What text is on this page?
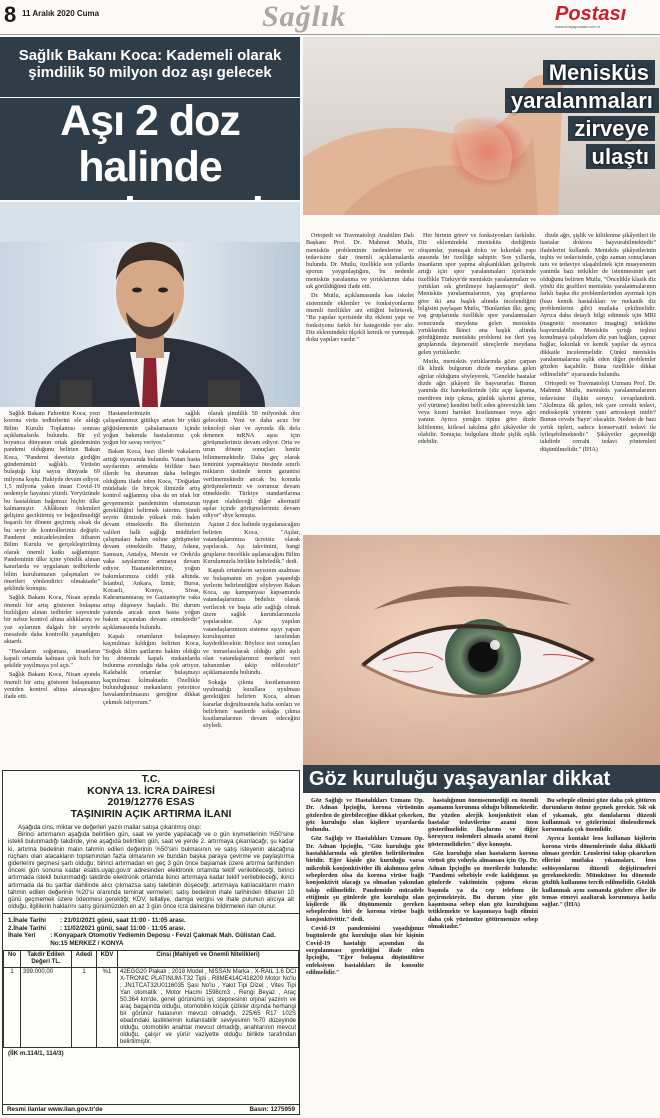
8 11 Aralık 2020 Cuma	Sağlık	Postası
www.konyapostasi.com.tr
Sağlık Bakanı Koca: Kademeli olarak şimdilik 50 milyon doz aşı gelecek
Aşı 2 doz halinde

Sağlık Bakanı Fahrettin Koca, yeni korona virüs tedbirlerini ele aldığı Bilim Kurulu Toplantısı sonrası açıklamalarda bulundu. Bir yıl boyunca dünyanın ortak gündeminin pandemi olduğunu belirten Bakan Koca, "Pandemi davetsiz girdiğin gündemimizi sağlıklı. Virüsün bulaştığı kişi sayısı dünyada 69 milyona koştu. Hakiyde devam ediyor. 1,5 milyona yakın insan Covid-19 nedeniyle hayatını yitirdi. Yeryüzünde bu hastalıktan bağımsız hiçbir ülke kalmamıştır. Ahlâkının önlemleri gelişimi geciktirmiş ve beğenilmediği başarılı bir dönem geçirmiş olsak da bu seyir de kontrollerimiz değiştir. Pandemi mücadelesinden itibaren Bilim Kurulu ve gerçekleştirilmiş olarak önemli katkı sağlamıştır. Pandeminin ülke içine yönelik alınan kararlarda ve uygulanan tedbirlerde bilim kurulumuzun çalışmaları ve önerileri yönlendirici olmaktadır" şeklinde konuştu.

Sağlık Bakanı Koca, Nisan ayında önemli bir artış gösteren bulaşma hızlılığını alınan tedbirler sayesinde bir nebze kontrol altına aldıklarını ve yaz aylarının dalgalı bir seyirde mesafede daha kontrollü yaşandığını aktardı.

"Havaların soğuması, insanların kapalı ortamda kalması çok hızlı bir şekilde yayılmaya yol açtı."

Sağlık Bakanı Koca, Nisan ayında önemli bir artış gösteren bulaşmanın yeniden kontrol altına alınacağını ifade etti.

Hastanelerimizin sağlık çalışanlarımız gittikçe artan bir yükü göğüslemenin çabalamasını içinde yoğun bakımda hastalarımız çok yoğun bir savaş veriyor."

Bakan Koca, bazı illerde vakaların arttığı uyarısında bulundu. Yatan hasta sayılarının artmakta birlikte bazı illerde bu durumun daha belirgin olduğunu ifade eden Koca, "Doğudan müdahale ile birçok ilimizde artış kontrol sağlanmış olsa da en ufak bir gevşememiz pandeminin olumsuzun gerekliliğini belirmek isterim. Şimdi seyrin ilimizde yüksek risk halen devam etmektedir. Bu illerimizin valileri halk sağlığı müdürleri çalışmaları halen online görüşmeler devam etmektedir. Hatay, Adana, Samsun, Antalya, Mersin ve Ordu'da vaka sayılarımız artmaya devam ediyor. Hastanelerimize, yoğun bakımlarımıza ciddi yük altında. İstanbul, Ankara, İzmir, Bursa, Kocaeli, Konya, Sivas, Kahramanmaraş ve Gaziantep'te vaka artışı düşmeye başladı. Bu durum yanında ancak uzun hasta yoğun bakım açısından devam etmektedir" açıklamasında bulundu.

Kapalı ortamların bulaşmayı kaçınılmaz kıldığını belirten Koca, "Soğuk iklim şartlarını hakim olduğu bu dönemde kapalı mekanlarda bulunma zorunluğu daha çok artıyor. Kalabalık ortamlar bulaşmayı kaçınılmaz kılmaktadır. Özellikle bulunduğunuz mekanların yeterince havalandırılmasını gereğine dikkat çekmek istiyorum."

olarak şimdilik 50 milyonluk doz gelecektir. Yeni ve daha acuz bir teknoloji olan ve ayrında ilk defa denenen mRNA aşısı için görüşmelerimiz devam ediyor. Orta ve uzun dönem sonuçları henüz bilinmemektedir. Daha geç olarak teminini yapmaktayız ötesinde sınırlı miktarın üstünde temin garantisi verilmemektedir ancak bu konuda görüşmelerimiz ve sorumuz devam etmektedir. Türkiye standartlarına uygun olabileceği diğer alternatif aşılar içinde görüşmelerimiz devam ediyor" diye konuştu.

Aşının 2 doz halinde uygulanacağını belirten Koca, "Aşılar, vatandaşlarımıza ücretsiz olarak yapılacak. Aşı takvimini, hangi grupların öncelikle aşılanacağını Bilim Kurulumuzla birlikte belirledik." dedi.

Kapalı ortamların sayısının azalması ve bulaşmanın en yoğun yaşandığı yerlerin belirlendiğini söyleyen Bakan Koca, aşı kampanyası kapsamında vatandaşlarımıza bedelsiz olarak verilecek ve başta aile sağlığı olmak üzere sağlık kurumlarımızda yapılacaktır. Aşı yapılan vatandaşlarımızın sisteme aşıyı yapan kuruluşumuz tarafından kaydedilecektir. Böylece test sonuçları ve tomarlasılacak olduğu gibi aşılı olan vatandaşlarımız merkezi veri tabanından takip edilecektir" açıklamasında bulundu.

Sokağa çıkma kısıtlamasının uyulmadığı kurallara uyulması gerektiğini belirten Koca, alınan kararlar doğrultusunda hafta sonları ve belirlenen saatlerde sokağa çıkma kısıtlamalarının devam edeceğini söyledi.

Menisküs
yaralanmaları
zirveye
ulaştı

Ortopedi ve Travmatoloji Anabilim Dalı Başkanı Prof. Dr. Mahmut Mutlu, menisküs probleminin nedenlerine ve tedavisine dair önemli açıklamalarda bulundu. Dr. Mutlu, özellikle son yıllarda sporun yaygınlaştığını, bu nedenle menisküs yaralanma ve yırtıklarının daha sık görüldüğünü ifade etti.

Dr. Mutlu, açıklamasında kas iskelet sisteminde eklemler ve fonksiyonlarını önemli özellikler arz ettiğini belirterek, "Bu yapılar içerisinde diz eklemi yapı ve fonksiyonu farklı bir kategoride yer alır. Diz eklemindeki ölçekli kemik ve yumuşak doku yapıları vardır."

Her birinin görev ve fonksiyonları farklıdır. Diz eklemindeki menisküs dediğimiz oluşumlar, yumuşak doku ve kıkırdak yapı arasında bir özelliğe sahiptir. Son yıllarda, insanların spor yapma alışkanlıkları gelişerek artığı için spor yaralanmaları içerisinde özellikle Türkiye'de menisküs yaralanmaları ve yırtıkları sık görülmeye başlanmıştır" dedi. Menisküs yaralanmalarının, yaş gruplarına göre iki ana başlık altında incelendiğini bilgisini paylaşan Mutlu, "Bunlardan ilki; genç yaş gruplarında özellikle spor yaralanmaları sonucunda meydana gelen menisküs yırtıklarıdır. İkinci ana başlık altında gördüğümüz menisküs problemi ise ileri yaş gruplarında dejeneratif süreçlerde meydana gelen yırtıklardır.

Mutlu, menisküs yırtıklarında göze çarpan ilk klinik bulgunun dizde meydana gelen ağrılar olduğunu söyleyerek, "Genelde hastalar dizde ağrı şikâyeti ile başvururlar. Bunun yanında diz hareketlerinde (diz açıp kapama, merdiven inip çıkma, günlük işlerini görme, yol yürüme) kendini belli eden görevsizlik tam veya kısmi hareket kısıtlanması veya ağrı yaratır. Ayrıca yırtığın tipine göre dizde kilitlenme, kitlesel takılma gibi şikâyetler de olabilir. Sonuçta; bulgulara dizde şişlik eşlik edebilir.

dizde ağrı, şişlik ve kilitlenme şikâyetleri ile hastalar doktora başvurabilmektedir" ifadelerini kullandı. Menisküs şikâyetlerinin teşhis ve tedavisinde, çoğu zaman sonuçlanan tanı ve tedaviye ulaşabilmek için muayenenin yanında bazı tetkikler de istenmesinin şart olduğunu belirten Mutlu, "Öncelikle klasik diz yönlü diz grafileri menisküs yaralanmalarının farklı başka diz problemlerinden ayırmak için (bazı kemik hastalıkları ve mekanik diz problemlerini gibi) mutlaka çekilmelidir. Ayrıca daha detaylı bilgi edinmek için MRI (magnetic resonance imaging) tetkikine başvurulabilir. Menisküs yırtığı teşhisi konulmaya çalışılırken diz yan bağları, çapraz bağlar, kıkırdak ve kemik yapılar da ayrıca dikkatle incelenmelidir. Çünkü menisküs yaralanmalarına eşlik eden diğer problemler gözden kaçabilir. Buna özellikle dikkat edilmelidir" uyarısında bulundu.

Ortopedi ve Travmatoloji Uzmanı Prof. Dr. Mahmut Mutlu, menisküs yaralanmalarının tedavisine ilişkin soruyu cevaplandırdı. "Akılmıza ilk gelen, tek çare cerrahi tedavi, endoskopik yöntem yani artroskopi midir? Bunun cevabı 'hayır' olacaktır. Nedeni de bazı yırtık tipleri, sadece konservatif tedavi ile iyileşebilmektedir." Şikâyetler geçmediği takdirde cerrahi tedavi yöntemleri düşünülmelidir." (İHA)

Göz kuruluğu yaşayanlar dikkat

Göz Sağlığı ve Hastalıkları Uzmanı Op. Dr. Adnan İpçioğlu, korona virüsünün gözlerden de girebileceğine dikkat çekerken, göz kuruluğu olan kişilere uyarılarda bulundu.

Göz Sağlığı ve Hastalıkları Uzmanı Op. Dr. Adnan İpçioğlu, "Göz kuruluğu göz hastalıklarında sık görülen belirtilerinden biridir. Eğer kişide göz kuruluğu varsa mikrobik konjonktivitler ilk akılımıza gelen sebeplerden olsa da korona virüse bağlı konjonktivit olacağı ya olmadan yakından takip edilmelidir. Pandemide mücadele ettiğimiz şu günlerde göz kuruluğu olan kişilerde ilk düşünmemiz gereken sebeplerden biri de korona virüse bağlı konjonktivittir." dedi.

Covid-19 pandemisini yaşadığımız bugünlerde göz kuruluğu olan bir kişinin Covid-19 hastalığı açısından da sorgulanması gerektiğini ifade eden İpçioğlu, "Eğer bulaşma düşünülürse enfeksiyon hastalıkları ile konsulte edilmelidir."

hastalığımın önemsenmediği en önemli aşamanın korunma olduğu bilinmektedir. Bu yüzden alerjik konjonktivit olan hastalar tedavilerine azami özen gösterilmelidir. İlaçlarını ve diğer koruyucu önlemleri almada azami özeni göstermelidirler." diye konuştu.

Göz kuruluğu olan hastaların korona virüsü göz yoluyla almaması için Op. Dr. Adnan İpçioğlu şu önerilerde bulundu: "Pandemi sebebiyle evde kaldığımız şu günlerde vaktimizin çoğunu ekran başında ya da cep telefonu ile geçirmekteyiz. Bu durum yine göz kaşıntısına sebep olan göz kuruluğunu tetiklemekte ve kaşınmaya bağlı elimizi daha çok yüzümüze götürmemize sebep olmaktadır."

Bu sebeple elimizi göze daha çok götüren durumların önüne geçmek gerekir. Sık sık el yıkamak, göz damlalarını düzenli kullanmak ve gözlerimizi dinlendirmek korunmada çok önemlidir.

Ayrıca kontakt lens kullanan kişilerin korona virüs dönemlerinde daha dikkatli olması gerekir. Lenslerini takıp çıkarırken ellerini mutlaka yıkamaları, lens solüsyonlarını düzenli değiştirmeleri gerekmektedir. Mümkünse bu dönemde gözlük kullanımı tercih edilmelidir. Gözlük kullanmak aynı zamanda gözlere eller ile temas etmeyi azaltarak korunmaya katkı sağlar." (İHA)

T.C.
KONYA 13. İCRA DAİRESİ
2019/12776 ESAS
TAŞINIRIN AÇIK ARTIRMA İLANI

Aşağıda cins, miktar ve değerleri yazılı mallar satışa çıkarılmış olup:

Birinci artırmanın aşağıda belirtilen gün, saat ve yerde yapılacağı ve o gün kıymetlerinin %50'sine istekli bulunmadığı takdirde, yine aşağıda belirtilen gün, saat ve yerde 2. artırmaya çıkarılacağı; şu kadar ki, artırma bedelinin malın tahmin edilen değerinin %50'sini bulmasının ve satış isteyenin alacağına rüçhanı olan alacakların toplamından fazla olmasının ve bundan başka paraya çevirme ve paylaştırma giderlerini geçmesi şartı olduğu; birinci artırmadan en geç 3 gün önce başlamak üzere artırma tarihinden önceki gün sonuna kadar esatis.uyap.gov.tr adresinden elektronik ortamda teklif verilebileceği, birinci artırmada istekli bulunmadığı takdirde elektronik ortamda ikinci artırmaya kadar teklif verilebileceği, ikinci artırmada da bu şartlar dahilinde alıcı çıkmazsa satış talebinin düşeceği; artırmaya katılacakların malın tahmin edilen değerinin %20'si oranında teminat vermeleri; satış bedelinin ihale tarihinden itibaren 10 günü geçmemek üzere ödenmesi gerektiği; KDV, tellaliye, damga vergisi ve ihale pulunun alıcıya ait olduğu, ilgililerin haklarını satış günümüzden en az 3 gün önce icra dairesine bildirmeleri ilan olunur.

1.İhale Tarihi	: 21/01/2021 günü, saat 11:00 - 11:05 arası.
2.İhale Tarihi	: 11/02/2021 günü, saat 11:00 - 11:05 arası.
İhale Yeri	: Konyapark Otomotiv Yediemin Deposu - Fevzi Çakmak Mah. Gülistan Cad. No:15 MERKEZ / KONYA
No	Takdir Edilen Değeri TL.	Adedi	KDV	Cinsi (Mahiyeti ve Önemli Nitelikleri)
1	399.000,00	1	%1	42EGG20 Plakalı , 2018 Model , NISSAN Marka , X-RAIL 1.6 DCI X-TRONIC PLATINUM-T32 Tipli , R8ME414C418209 Motor No'lu , JN1TCAT32U0116035 Şasi No'lu , Yakıt Tipi Dizel , Vites Tipi Yarı otomatik , Motor Hacmi 1598cm3 , Rengi Beyaz , Araç 50.364 km'de, genel görünümü iyi, stepnesinin orjinal yazılım ve araç bagajında olduğu, otomobilin küçük çizikler dışında herhangi bir görünür hatasının mevcut olmadığı, 225/65 R17 102S ebadındaki lastiklerinin kullanılabilir seviyesinin %70 düzeyinde olduğu, otomobilin anahtar mevcut olmadığı, anahtarının mevcut olduğu, çalışır ve yürür vaziyette olduğu birlikte tarafından belirtilmiştir.
(İİK m.114/1, 114/3)
Resmi ilanlar www.ilan.gov.tr'de	Basın: 1275959
